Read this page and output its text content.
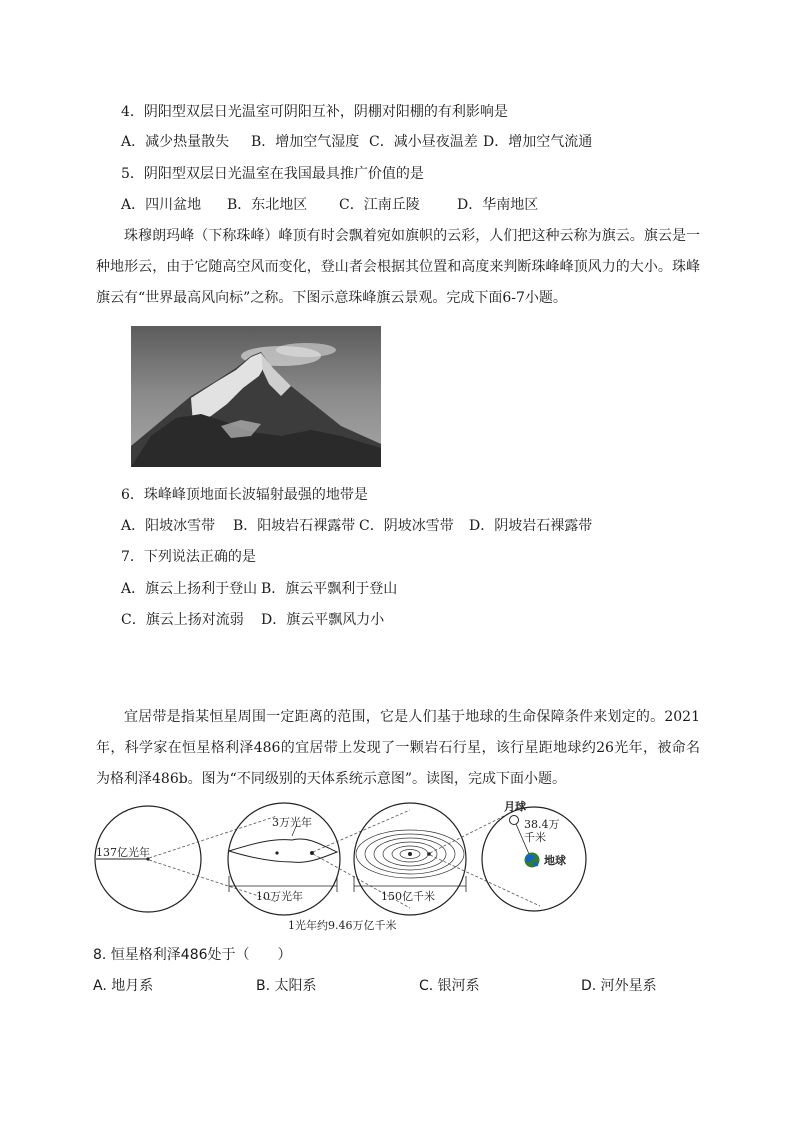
4．阴阳型双层日光温室可阴阳互补，阴棚对阳棚的有利影响是
A．减少热量散失 B．增加空气湿度 C．减小昼夜温差 D．增加空气流通
5．阴阳型双层日光温室在我国最具推广价值的是
A．四川盆地 B．东北地区 C．江南丘陵	D．华南地区
珠穆朗玛峰（下称珠峰）峰顶有时会飘着宛如旗帜的云彩，人们把这种云称为旗云。旗云是一种地形云，由于它随高空风而变化，登山者会根据其位置和高度来判断珠峰峰顶风力的大小。珠峰旗云有“世界最高风向标”之称。下图示意珠峰旗云景观。完成下面6-7小题。
6．珠峰峰顶地面长波辐射最强的地带是
A．阳坡冰雪带 B．阳坡岩石裸露带 C．阴坡冰雪带 D．阴坡岩石裸露带
7．下列说法正确的是
A．旗云上扬利于登山 B．旗云平飘利于登山
C．旗云上扬对流弱 D．旗云平飘风力小
宜居带是指某恒星周围一定距离的范围，它是人们基于地球的生命保障条件来划定的。2021年，科学家在恒星格利泽486的宜居带上发现了一颗岩石行星，该行星距地球约26光年，被命名为格利泽486b。图为“不同级别的天体系统示意图”。读图，完成下面小题。
137亿光年
3万光年
10万光年	150亿千米
月球
38.4万
千米
地球
1光年约9.46万亿千米
8. 恒星格利泽486处于（　　）
A. 地月系	B. 太阳系	C. 银河系	D. 河外星系
